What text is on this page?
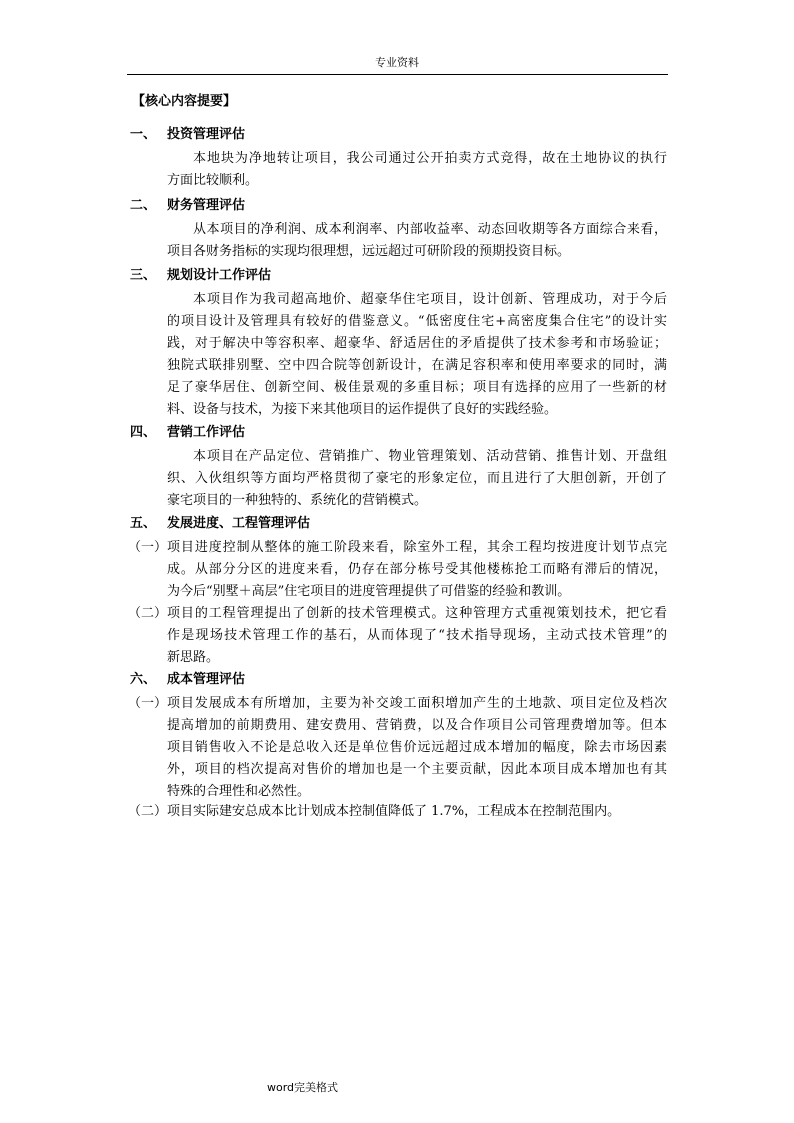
专业资料
【核心内容提要】
一、 投资管理评估
本地块为净地转让项目，我公司通过公开拍卖方式竞得，故在土地协议的执行
方面比较顺利。
二、 财务管理评估
从本项目的净利润、成本利润率、内部收益率、动态回收期等各方面综合来看，
项目各财务指标的实现均很理想，远远超过可研阶段的预期投资目标。
三、 规划设计工作评估
本项目作为我司超高地价、超豪华住宅项目，设计创新、管理成功，对于今后
的项目设计及管理具有较好的借鉴意义。“低密度住宅+高密度集合住宅”的设计实
践，对于解决中等容积率、超豪华、舒适居住的矛盾提供了技术参考和市场验证；
独院式联排别墅、空中四合院等创新设计，在满足容积率和使用率要求的同时，满
足了豪华居住、创新空间、极佳景观的多重目标；项目有选择的应用了一些新的材
料、设备与技术，为接下来其他项目的运作提供了良好的实践经验。
四、 营销工作评估
本项目在产品定位、营销推广、物业管理策划、活动营销、推售计划、开盘组
织、入伙组织等方面均严格贯彻了豪宅的形象定位，而且进行了大胆创新，开创了
豪宅项目的一种独特的、系统化的营销模式。
五、 发展进度、工程管理评估
（一） 项目进度控制从整体的施工阶段来看，除室外工程，其余工程均按进度计划节点完
成。从部分分区的进度来看，仍存在部分栋号受其他楼栋抢工而略有滞后的情况，
为今后“别墅＋高层”住宅项目的进度管理提供了可借鉴的经验和教训。
（二） 项目的工程管理提出了创新的技术管理模式。这种管理方式重视策划技术，把它看
作是现场技术管理工作的基石，从而体现了“技术指导现场，主动式技术管理”的
新思路。
六、 成本管理评估
（一） 项目发展成本有所增加，主要为补交竣工面积增加产生的土地款、项目定位及档次
提高增加的前期费用、建安费用、营销费，以及合作项目公司管理费增加等。但本
项目销售收入不论是总收入还是单位售价远远超过成本增加的幅度，除去市场因素
外，项目的档次提高对售价的增加也是一个主要贡献，因此本项目成本增加也有其
特殊的合理性和必然性。
（二） 项目实际建安总成本比计划成本控制值降低了 1.7%，工程成本在控制范围内。
word完美格式
